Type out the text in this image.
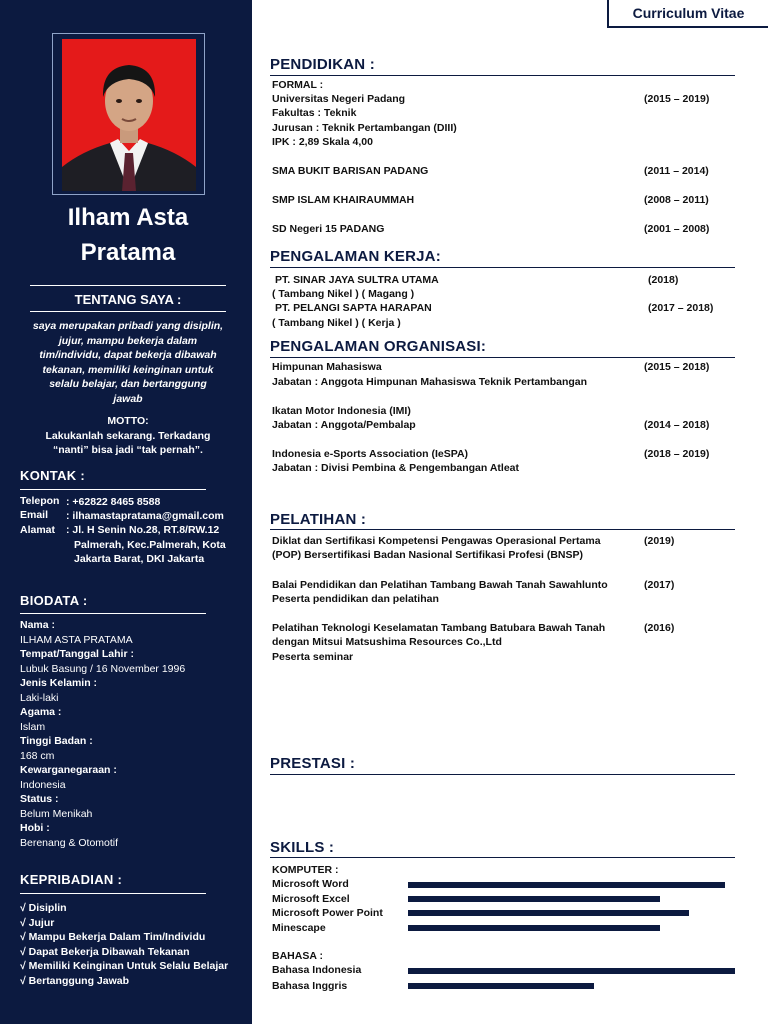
Ilham Asta
Pratama
TENTANG SAYA :
saya merupakan pribadi yang disiplin,
jujur, mampu bekerja dalam
tim/individu, dapat bekerja dibawah
tekanan, memiliki keinginan untuk
selalu belajar, dan bertanggung
jawab
MOTTO:
Lakukanlah sekarang. Terkadang
“nanti” bisa jadi “tak pernah”.
KONTAK :
Telepon : +62822 8465 8588
Email	: ilhamastapratama@gmail.com
Alamat	: Jl. H Senin No.28, RT.8/RW.12
Palmerah, Kec.Palmerah, Kota
Jakarta Barat, DKI Jakarta
BIODATA :
Nama :
ILHAM ASTA PRATAMA
Tempat/Tanggal Lahir :
Lubuk Basung / 16 November 1996
Jenis Kelamin :
Laki-laki
Agama :
Islam
Tinggi Badan :
168 cm
Kewarganegaraan :
Indonesia
Status :
Belum Menikah
Hobi :
Berenang & Otomotif
KEPRIBADIAN :
√ Disiplin
√ Jujur
√ Mampu Bekerja Dalam Tim/Individu
√ Dapat Bekerja Dibawah Tekanan
√ Memiliki Keinginan Untuk Selalu Belajar
√ Bertanggung Jawab
Curriculum Vitae
PENDIDIKAN :
FORMAL :
Universitas Negeri Padang	(2015 – 2019)
Fakultas : Teknik
Jurusan : Teknik Pertambangan (DIII)
IPK : 2,89 Skala 4,00
SMA BUKIT BARISAN PADANG	(2011 – 2014)
SMP ISLAM KHAIRAUMMAH	(2008 – 2011)
SD Negeri 15 PADANG	(2001 – 2008)
PENGALAMAN KERJA:
PT. SINAR JAYA SULTRA UTAMA	(2018)
( Tambang Nikel ) ( Magang )
PT. PELANGI SAPTA HARAPAN	(2017 – 2018)
( Tambang Nikel ) ( Kerja )
PENGALAMAN ORGANISASI:
Himpunan Mahasiswa	(2015 – 2018)
Jabatan : Anggota Himpunan Mahasiswa Teknik Pertambangan
Ikatan Motor Indonesia (IMI)
Jabatan : Anggota/Pembalap	(2014 – 2018)
Indonesia e-Sports Association (IeSPA)	(2018 – 2019)
Jabatan : Divisi Pembina & Pengembangan Atleat
PELATIHAN :
Diklat dan Sertifikasi Kompetensi Pengawas Operasional Pertama	(2019)
(POP) Bersertifikasi Badan Nasional Sertifikasi Profesi (BNSP)
Balai Pendidikan dan Pelatihan Tambang Bawah Tanah Sawahlunto	(2017)
Peserta pendidikan dan pelatihan
Pelatihan Teknologi Keselamatan Tambang Batubara Bawah Tanah	(2016)
dengan Mitsui Matsushima Resources Co.,Ltd
Peserta seminar
PRESTASI :
SKILLS :
KOMPUTER :
Microsoft Word
Microsoft Excel
Microsoft Power Point
Minescape
BAHASA :
Bahasa Indonesia
Bahasa Inggris
